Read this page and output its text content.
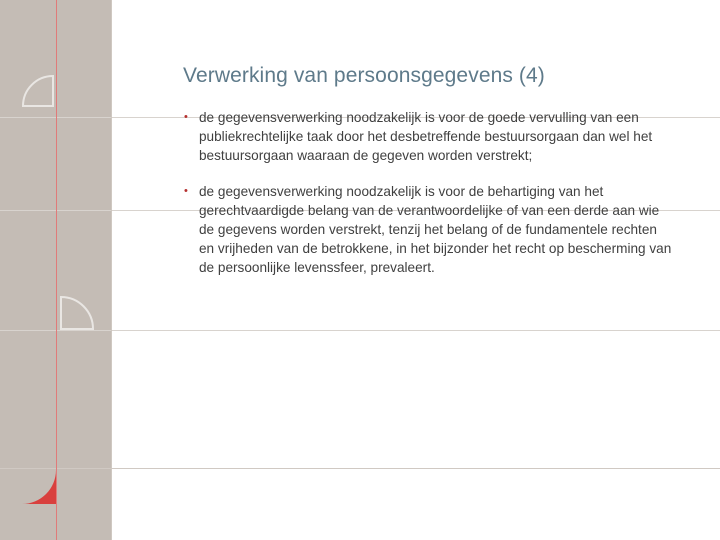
Verwerking van persoonsgegevens (4)
• de gegevensverwerking noodzakelijk is voor de goede vervulling van een publiekrechtelijke taak door het desbetreffende bestuursorgaan dan wel het bestuursorgaan waaraan de gegeven worden verstrekt;
• de gegevensverwerking noodzakelijk is voor de behartiging van het gerechtvaardigde belang van de verantwoordelijke of van een derde aan wie de gegevens worden verstrekt, tenzij het belang of de fundamentele rechten en vrijheden van de betrokkene, in het bijzonder het recht op bescherming van de persoonlijke levenssfeer, prevaleert.
